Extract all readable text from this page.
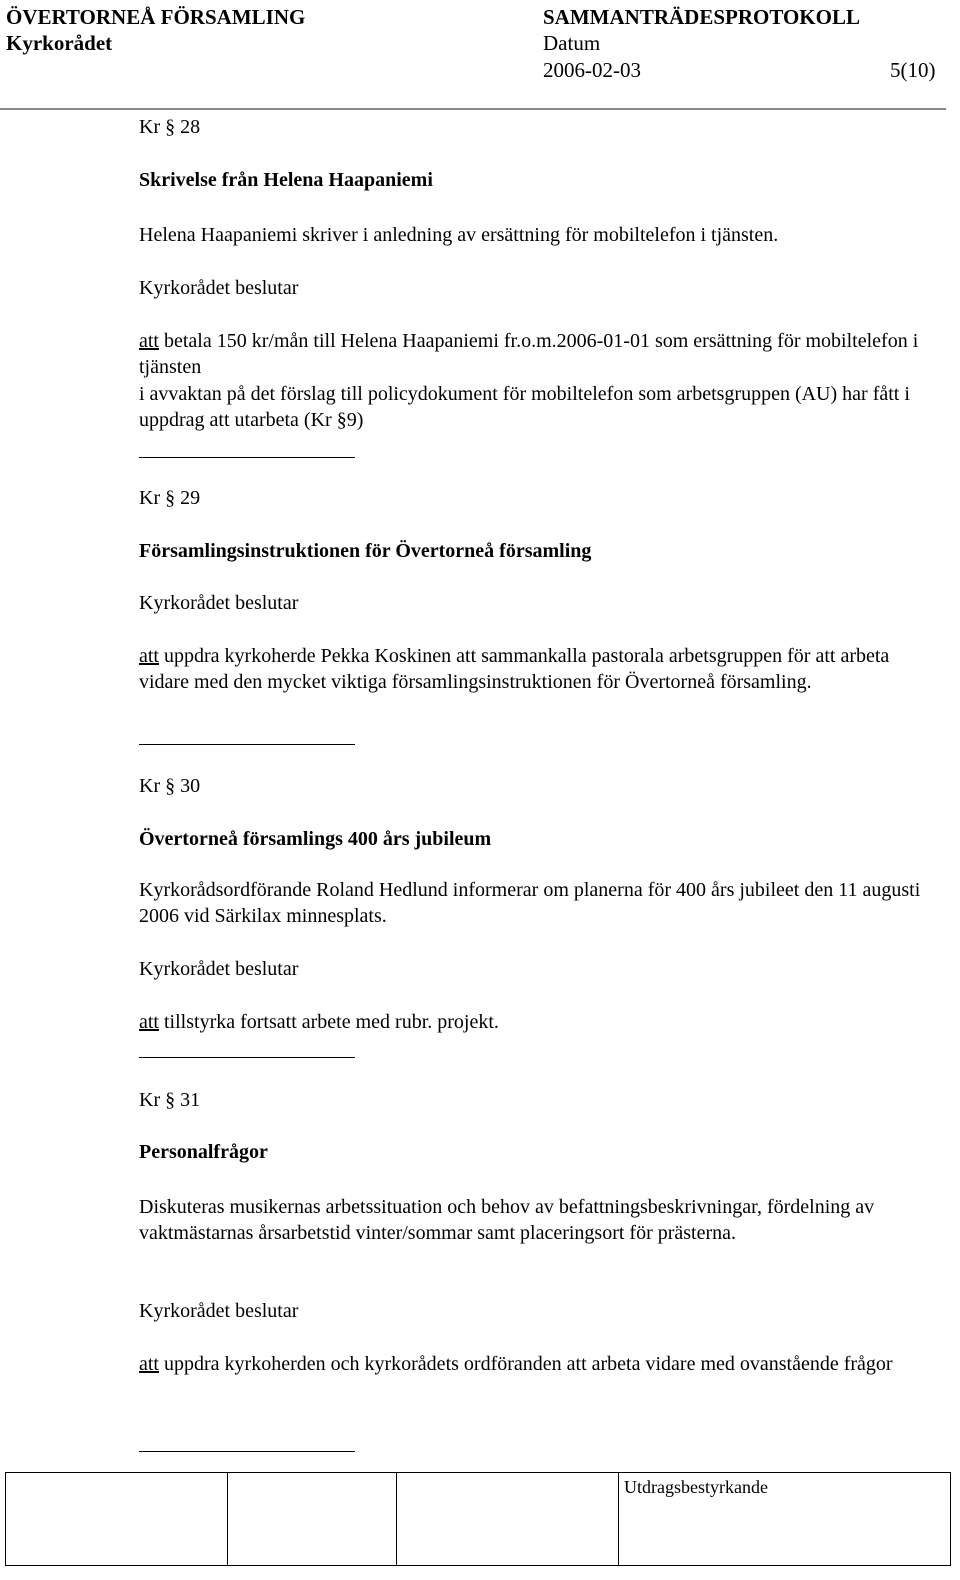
ÖVERTORNEÅ FÖRSAMLING
Kyrkorådet
SAMMANTRÄDESPROTOKOLL
Datum
2006-02-03	5(10)
Kr § 28
Skrivelse från Helena Haapaniemi
Helena Haapaniemi skriver i anledning av ersättning för mobiltelefon i tjänsten.
Kyrkorådet beslutar
att betala 150 kr/mån till Helena Haapaniemi fr.o.m.2006-01-01 som ersättning för mobiltelefon i tjänsten
i avvaktan på det förslag till policydokument för mobiltelefon som arbetsgruppen (AU) har fått i uppdrag att utarbeta (Kr §9)
Kr § 29
Församlingsinstruktionen för Övertorneå församling
Kyrkorådet beslutar
att uppdra kyrkoherde Pekka Koskinen att sammankalla pastorala arbetsgruppen för att arbeta vidare med den mycket viktiga församlingsinstruktionen för Övertorneå församling.
Kr § 30
Övertorneå församlings 400 års jubileum
Kyrkorådsordförande Roland Hedlund informerar om planerna för 400 års jubileet den 11 augusti 2006 vid Särkilax minnesplats.
Kyrkorådet beslutar
att tillstyrka fortsatt arbete med rubr. projekt.
Kr § 31
Personalfrågor
Diskuteras musikernas arbetssituation och behov av befattningsbeskrivningar, fördelning av vaktmästarnas årsarbetstid vinter/sommar samt placeringsort för prästerna.
Kyrkorådet beslutar
att uppdra kyrkoherden och kyrkorådets ordföranden att arbeta vidare med ovanstående frågor
Utdragsbestyrkande
